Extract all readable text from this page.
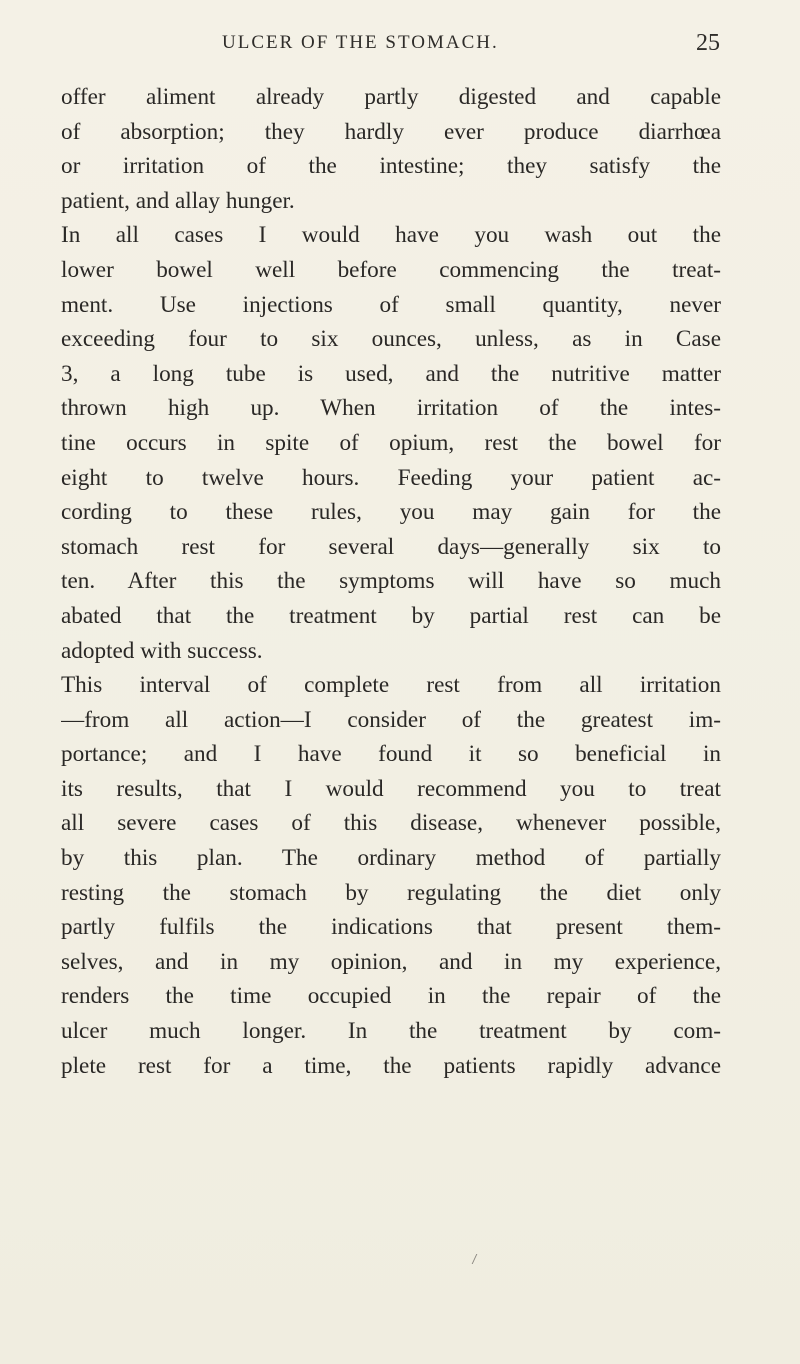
ULCER OF THE STOMACH.	25
offer aliment already partly digested and capable
of absorption; they hardly ever produce diarrhœa
or irritation of the intestine; they satisfy the
patient, and allay hunger.
In all cases I would have you wash out the
lower bowel well before commencing the treat-
ment. Use injections of small quantity, never
exceeding four to six ounces, unless, as in Case
3, a long tube is used, and the nutritive matter
thrown high up. When irritation of the intes-
tine occurs in spite of opium, rest the bowel for
eight to twelve hours. Feeding your patient ac-
cording to these rules, you may gain for the
stomach rest for several days—generally six to
ten. After this the symptoms will have so much
abated that the treatment by partial rest can be
adopted with success.
This interval of complete rest from all irritation
—from all action—I consider of the greatest im-
portance; and I have found it so beneficial in
its results, that I would recommend you to treat
all severe cases of this disease, whenever possible,
by this plan. The ordinary method of partially
resting the stomach by regulating the diet only
partly fulfils the indications that present them-
selves, and in my opinion, and in my experience,
renders the time occupied in the repair of the
ulcer much longer. In the treatment by com-
plete rest for a time, the patients rapidly advance
